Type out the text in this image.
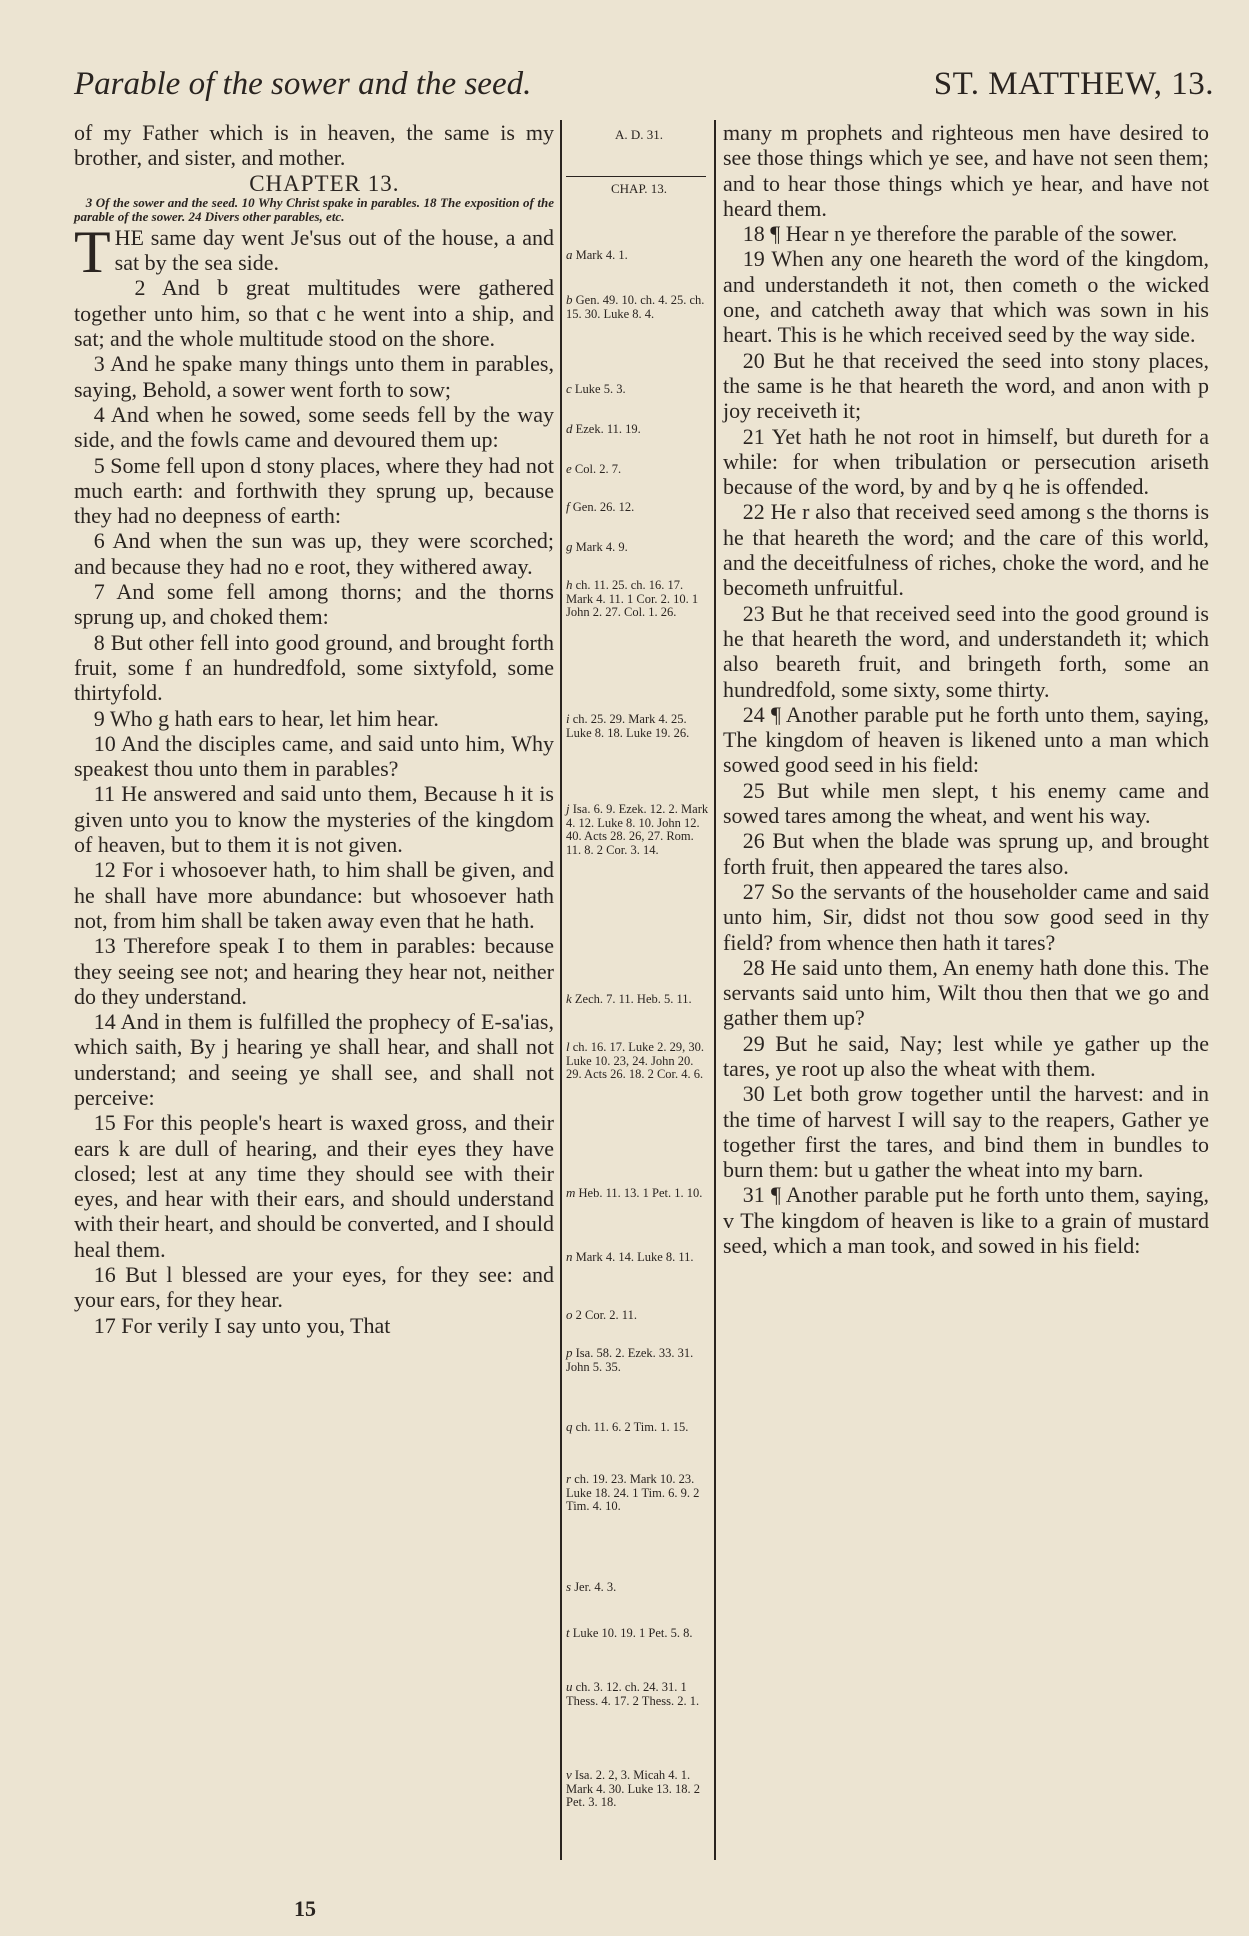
Parable of the sower and the seed.	ST. MATTHEW, 13.

of my Father which is in heaven, the same is my brother, and sister, and mother.

CHAPTER 13.

3 Of the sower and the seed. 10 Why Christ spake in parables. 18 The exposition of the parable of the sower. 24 Divers other parables, etc.

THE same day went Je'sus out of the house, a and sat by the sea side.

2 And b great multitudes were gathered together unto him, so that c he went into a ship, and sat; and the whole multitude stood on the shore.

3 And he spake many things unto them in parables, saying, Behold, a sower went forth to sow;

4 And when he sowed, some seeds fell by the way side, and the fowls came and devoured them up:

5 Some fell upon d stony places, where they had not much earth: and forthwith they sprung up, because they had no deepness of earth:

6 And when the sun was up, they were scorched; and because they had no e root, they withered away.

7 And some fell among thorns; and the thorns sprung up, and choked them:

8 But other fell into good ground, and brought forth fruit, some f an hundredfold, some sixtyfold, some thirtyfold.

9 Who g hath ears to hear, let him hear.

10 And the disciples came, and said unto him, Why speakest thou unto them in parables?

11 He answered and said unto them, Because h it is given unto you to know the mysteries of the kingdom of heaven, but to them it is not given.

12 For i whosoever hath, to him shall be given, and he shall have more abundance: but whosoever hath not, from him shall be taken away even that he hath.

13 Therefore speak I to them in parables: because they seeing see not; and hearing they hear not, neither do they understand.

14 And in them is fulfilled the prophecy of E-sa'ias, which saith, By j hearing ye shall hear, and shall not understand; and seeing ye shall see, and shall not perceive:

15 For this people's heart is waxed gross, and their ears k are dull of hearing, and their eyes they have closed; lest at any time they should see with their eyes, and hear with their ears, and should understand with their heart, and should be converted, and I should heal them.

16 But l blessed are your eyes, for they see: and your ears, for they hear.

17 For verily I say unto you, That

A. D. 31.
CHAP. 13.
a Mark 4. 1.
b Gen. 49. 10. ch. 4. 25. ch. 15. 30. Luke 8. 4.
c Luke 5. 3.
d Ezek. 11. 19.
e Col. 2. 7.
f Gen. 26. 12.
g Mark 4. 9.
h ch. 11. 25. ch. 16. 17. Mark 4. 11. 1 Cor. 2. 10. 1 John 2. 27. Col. 1. 26.
i ch. 25. 29. Mark 4. 25. Luke 8. 18. Luke 19. 26.
j Isa. 6. 9. Ezek. 12. 2. Mark 4. 12. Luke 8. 10. John 12. 40. Acts 28. 26, 27. Rom. 11. 8. 2 Cor. 3. 14.
k Zech. 7. 11. Heb. 5. 11.
l ch. 16. 17. Luke 2. 29, 30. Luke 10. 23, 24. John 20. 29. Acts 26. 18. 2 Cor. 4. 6.
m Heb. 11. 13. 1 Pet. 1. 10.
n Mark 4. 14. Luke 8. 11.
o 2 Cor. 2. 11.
p Isa. 58. 2. Ezek. 33. 31. John 5. 35.
q ch. 11. 6. 2 Tim. 1. 15.
r ch. 19. 23. Mark 10. 23. Luke 18. 24. 1 Tim. 6. 9. 2 Tim. 4. 10.
s Jer. 4. 3.
t Luke 10. 19. 1 Pet. 5. 8.
u ch. 3. 12. ch. 24. 31. 1 Thess. 4. 17. 2 Thess. 2. 1.
v Isa. 2. 2, 3. Micah 4. 1. Mark 4. 30. Luke 13. 18. 2 Pet. 3. 18.

many m prophets and righteous men have desired to see those things which ye see, and have not seen them; and to hear those things which ye hear, and have not heard them.

18 ¶ Hear n ye therefore the parable of the sower.

19 When any one heareth the word of the kingdom, and understandeth it not, then cometh o the wicked one, and catcheth away that which was sown in his heart. This is he which received seed by the way side.

20 But he that received the seed into stony places, the same is he that heareth the word, and anon with p joy receiveth it;

21 Yet hath he not root in himself, but dureth for a while: for when tribulation or persecution ariseth because of the word, by and by q he is offended.

22 He r also that received seed among s the thorns is he that heareth the word; and the care of this world, and the deceitfulness of riches, choke the word, and he becometh unfruitful.

23 But he that received seed into the good ground is he that heareth the word, and understandeth it; which also beareth fruit, and bringeth forth, some an hundredfold, some sixty, some thirty.

24 ¶ Another parable put he forth unto them, saying, The kingdom of heaven is likened unto a man which sowed good seed in his field:

25 But while men slept, t his enemy came and sowed tares among the wheat, and went his way.

26 But when the blade was sprung up, and brought forth fruit, then appeared the tares also.

27 So the servants of the householder came and said unto him, Sir, didst not thou sow good seed in thy field? from whence then hath it tares?

28 He said unto them, An enemy hath done this. The servants said unto him, Wilt thou then that we go and gather them up?

29 But he said, Nay; lest while ye gather up the tares, ye root up also the wheat with them.

30 Let both grow together until the harvest: and in the time of harvest I will say to the reapers, Gather ye together first the tares, and bind them in bundles to burn them: but u gather the wheat into my barn.

31 ¶ Another parable put he forth unto them, saying, v The kingdom of heaven is like to a grain of mustard seed, which a man took, and sowed in his field:

15
